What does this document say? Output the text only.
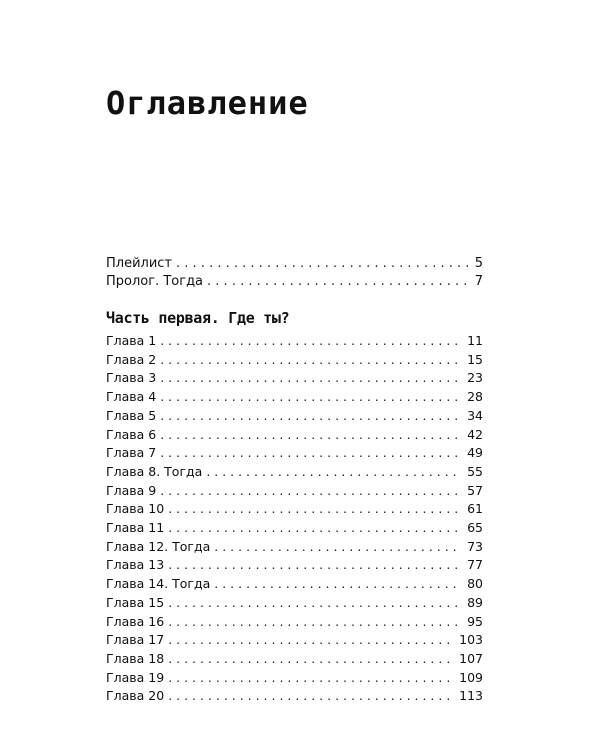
Оглавление
Плейлист . . .	5
Пролог. Тогда . . .	7
Часть первая. Где ты?
Глава 1 . . .	11
Глава 2 . . .	15
Глава 3 . . .	23
Глава 4 . . .	28
Глава 5 . . .	34
Глава 6 . . .	42
Глава 7 . . .	49
Глава 8. Тогда . . .	55
Глава 9 . . .	57
Глава 10 . . .	61
Глава 11 . . .	65
Глава 12. Тогда . . .	73
Глава 13 . . .	77
Глава 14. Тогда . . .	80
Глава 15 . . .	89
Глава 16 . . .	95
Глава 17 . . .	103
Глава 18 . . .	107
Глава 19 . . .	109
Глава 20 . . .	113
